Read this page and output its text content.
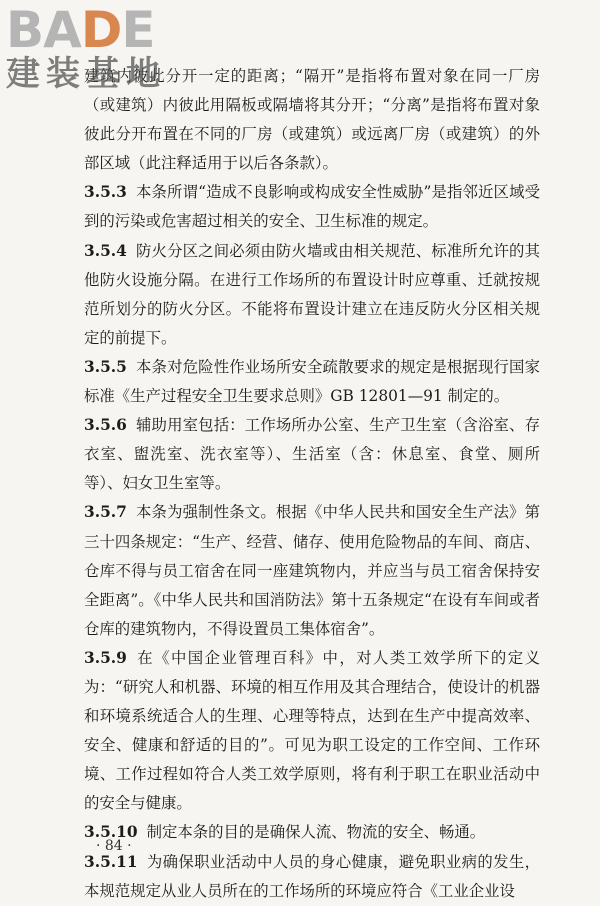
BADE
建装基地

建筑内彼此分开一定的距离；“隔开”是指将布置对象在同一厂房（或建筑）内彼此用隔板或隔墙将其分开；“分离”是指将布置对象彼此分开布置在不同的厂房（或建筑）或远离厂房（或建筑）的外部区域（此注释适用于以后各条款）。

3.5.3 本条所谓“造成不良影响或构成安全性威胁”是指邻近区域受到的污染或危害超过相关的安全、卫生标准的规定。

3.5.4 防火分区之间必须由防火墙或由相关规范、标准所允许的其他防火设施分隔。在进行工作场所的布置设计时应尊重、迁就按规范所划分的防火分区。不能将布置设计建立在违反防火分区相关规定的前提下。

3.5.5 本条对危险性作业场所安全疏散要求的规定是根据现行国家标准《生产过程安全卫生要求总则》GB 12801—91 制定的。

3.5.6 辅助用室包括：工作场所办公室、生产卫生室（含浴室、存衣室、盥洗室、洗衣室等）、生活室（含：休息室、食堂、厕所等）、妇女卫生室等。

3.5.7 本条为强制性条文。根据《中华人民共和国安全生产法》第三十四条规定：“生产、经营、储存、使用危险物品的车间、商店、仓库不得与员工宿舍在同一座建筑物内，并应当与员工宿舍保持安全距离”。《中华人民共和国消防法》第十五条规定“在设有车间或者仓库的建筑物内，不得设置员工集体宿舍”。

3.5.9 在《中国企业管理百科》中，对人类工效学所下的定义为：“研究人和机器、环境的相互作用及其合理结合，使设计的机器和环境系统适合人的生理、心理等特点，达到在生产中提高效率、安全、健康和舒适的目的”。可见为职工设定的工作空间、工作环境、工作过程如符合人类工效学原则，将有利于职工在职业活动中的安全与健康。

3.5.10 制定本条的目的是确保人流、物流的安全、畅通。

3.5.11 为确保职业活动中人员的身心健康，避免职业病的发生，本规范规定从业人员所在的工作场所的环境应符合《工业企业设

· 84 ·
